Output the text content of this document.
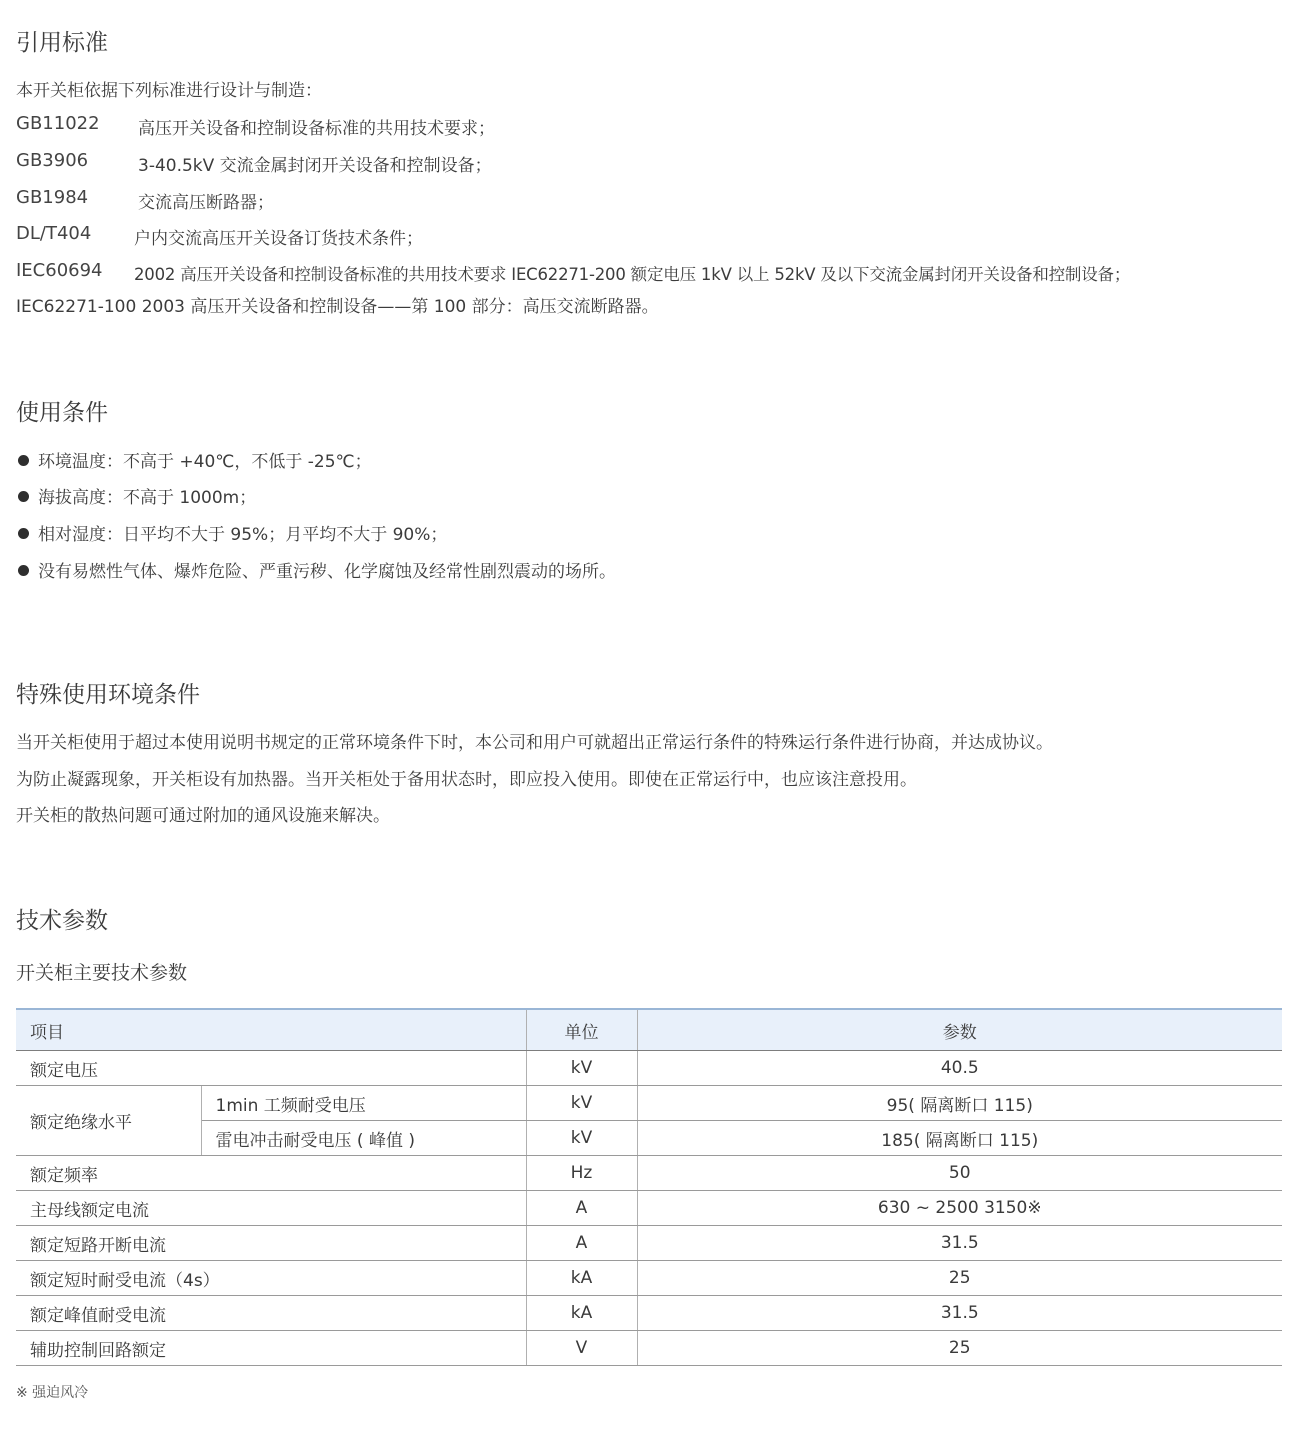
引用标准
本开关柜依据下列标准进行设计与制造：
GB11022 高压开关设备和控制设备标准的共用技术要求；
GB3906	3-40.5kV 交流金属封闭开关设备和控制设备；
GB1984	交流高压断路器；
DL/T404	户内交流高压开关设备订货技术条件；
IEC60694 2002 高压开关设备和控制设备标准的共用技术要求 IEC62271-200 额定电压 1kV 以上 52kV 及以下交流金属封闭开关设备和控制设备；
IEC62271-100 2003 高压开关设备和控制设备——第 100 部分：高压交流断路器。
使用条件
环境温度：不高于 +40℃，不低于 -25℃；
海拔高度：不高于 1000m；
相对湿度：日平均不大于 95%；月平均不大于 90%；
没有易燃性气体、爆炸危险、严重污秽、化学腐蚀及经常性剧烈震动的场所。
特殊使用环境条件
当开关柜使用于超过本使用说明书规定的正常环境条件下时，本公司和用户可就超出正常运行条件的特殊运行条件进行协商，并达成协议。
为防止凝露现象，开关柜设有加热器。当开关柜处于备用状态时，即应投入使用。即使在正常运行中，也应该注意投用。
开关柜的散热问题可通过附加的通风设施来解决。
技术参数
开关柜主要技术参数
项目		单位	参数
额定电压		kV	40.5
额定绝缘水平	1min 工频耐受电压	kV	95( 隔离断口 115)
	雷电冲击耐受电压 ( 峰值 )	kV	185( 隔离断口 115)
额定频率		Hz	50
主母线额定电流		A	630 ~ 2500 3150※
额定短路开断电流		A	31.5
额定短时耐受电流（4s）		kA	25
额定峰值耐受电流		kA	31.5
辅助控制回路额定		V	25
※ 强迫风冷
